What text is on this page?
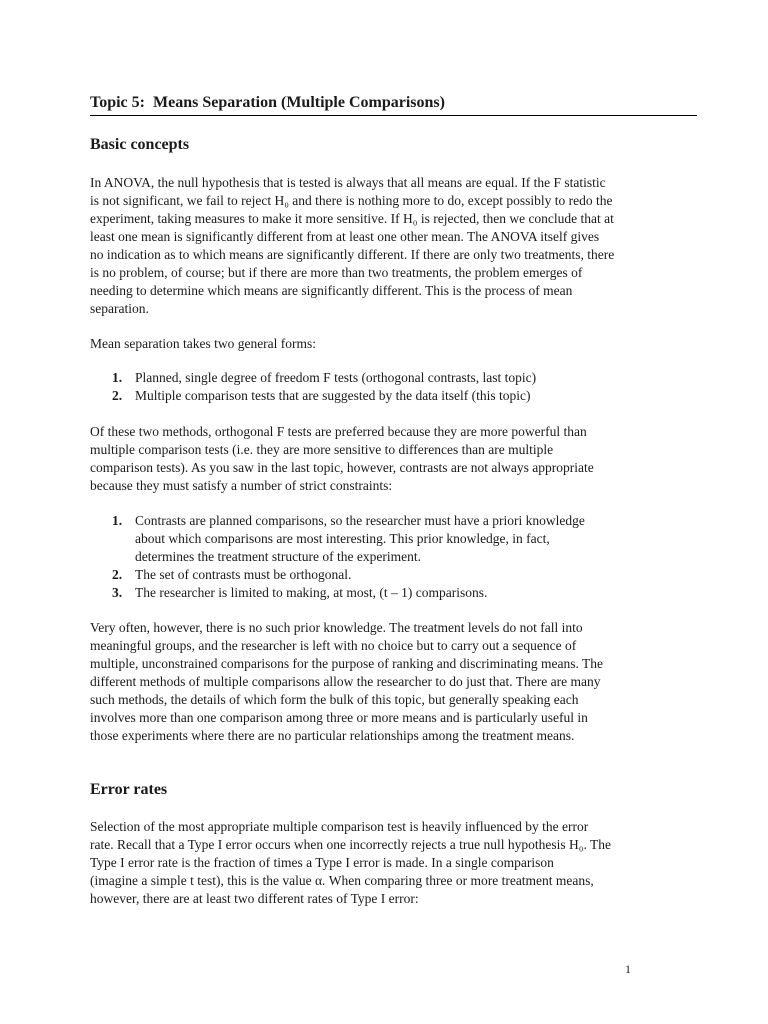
Topic 5: Means Separation (Multiple Comparisons)
Basic concepts
In ANOVA, the null hypothesis that is tested is always that all means are equal. If the F statistic
is not significant, we fail to reject H₀ and there is nothing more to do, except possibly to redo the
experiment, taking measures to make it more sensitive. If H₀ is rejected, then we conclude that at
least one mean is significantly different from at least one other mean. The ANOVA itself gives
no indication as to which means are significantly different. If there are only two treatments, there
is no problem, of course; but if there are more than two treatments, the problem emerges of
needing to determine which means are significantly different. This is the process of mean
separation.

Mean separation takes two general forms:

1. Planned, single degree of freedom F tests (orthogonal contrasts, last topic)
2. Multiple comparison tests that are suggested by the data itself (this topic)
Of these two methods, orthogonal F tests are preferred because they are more powerful than
multiple comparison tests (i.e. they are more sensitive to differences than are multiple
comparison tests). As you saw in the last topic, however, contrasts are not always appropriate
because they must satisfy a number of strict constraints:
1. Contrasts are planned comparisons, so the researcher must have a priori knowledge
about which comparisons are most interesting. This prior knowledge, in fact,
determines the treatment structure of the experiment.
2. The set of contrasts must be orthogonal.
3. The researcher is limited to making, at most, (t – 1) comparisons.
Very often, however, there is no such prior knowledge. The treatment levels do not fall into
meaningful groups, and the researcher is left with no choice but to carry out a sequence of
multiple, unconstrained comparisons for the purpose of ranking and discriminating means. The
different methods of multiple comparisons allow the researcher to do just that. There are many
such methods, the details of which form the bulk of this topic, but generally speaking each
involves more than one comparison among three or more means and is particularly useful in
those experiments where there are no particular relationships among the treatment means.
Error rates
Selection of the most appropriate multiple comparison test is heavily influenced by the error
rate. Recall that a Type I error occurs when one incorrectly rejects a true null hypothesis H₀. The
Type I error rate is the fraction of times a Type I error is made. In a single comparison
(imagine a simple t test), this is the value α. When comparing three or more treatment means,
however, there are at least two different rates of Type I error:
1
